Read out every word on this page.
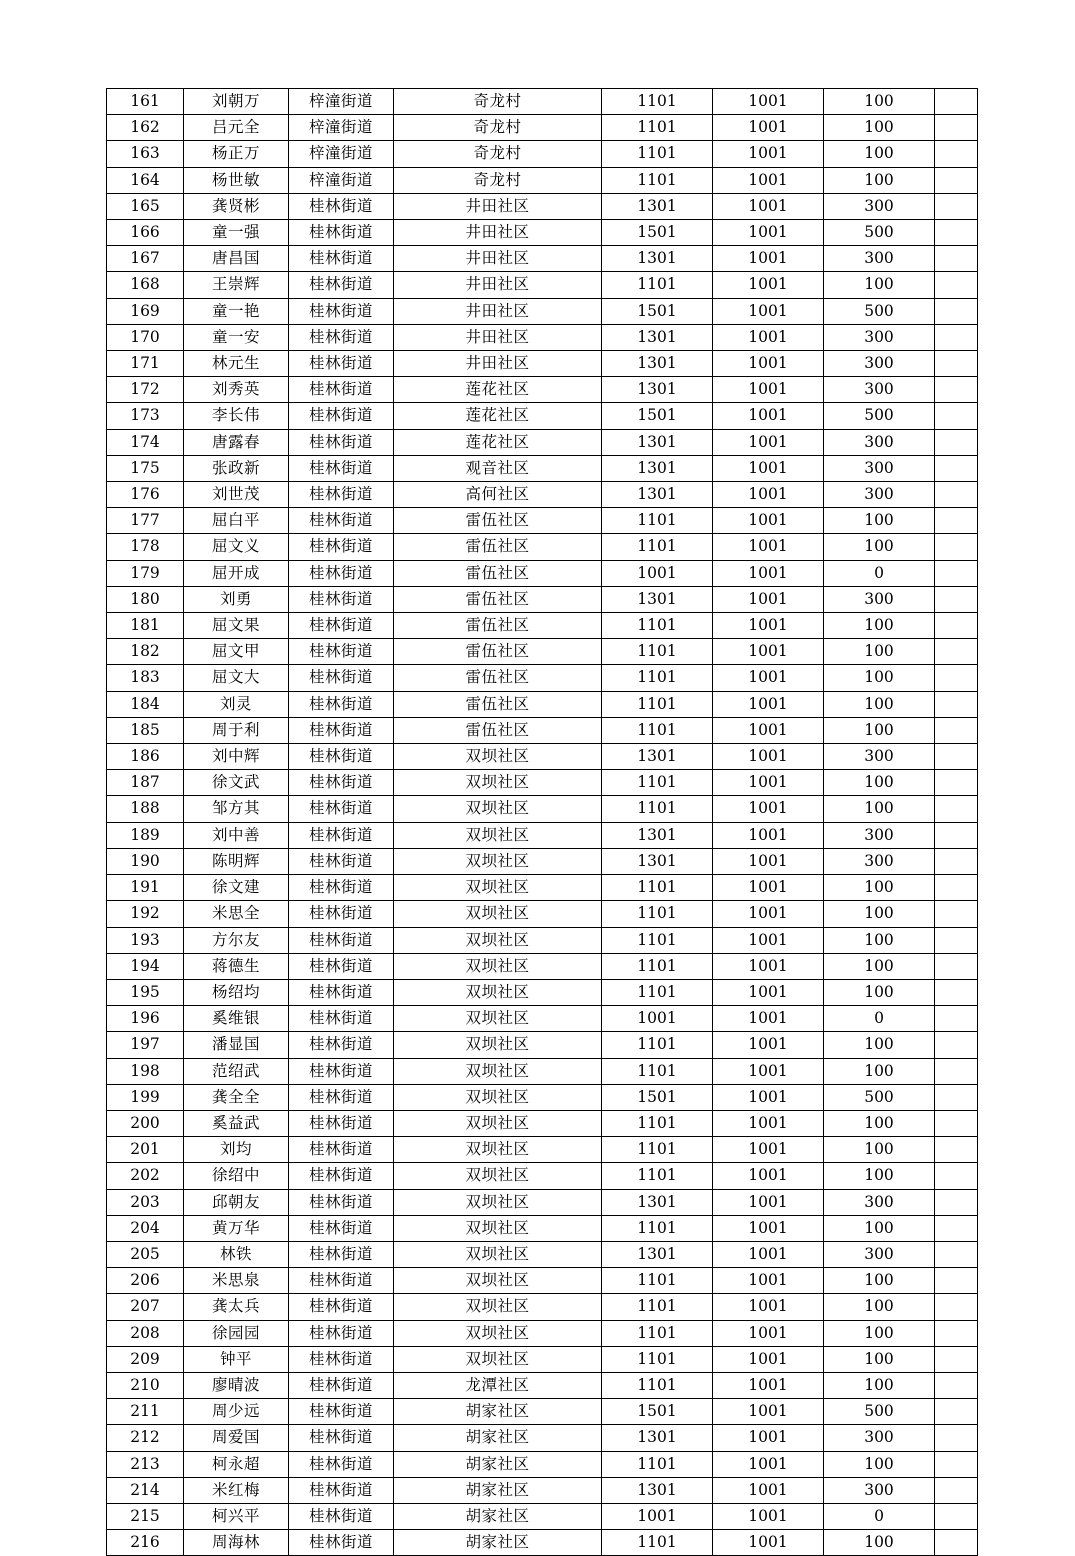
161	刘朝万	梓潼街道	奇龙村	1101	1001	100	
162	吕元全	梓潼街道	奇龙村	1101	1001	100	
163	杨正万	梓潼街道	奇龙村	1101	1001	100	
164	杨世敏	梓潼街道	奇龙村	1101	1001	100	
165	龚贤彬	桂林街道	井田社区	1301	1001	300	
166	童一强	桂林街道	井田社区	1501	1001	500	
167	唐昌国	桂林街道	井田社区	1301	1001	300	
168	王崇辉	桂林街道	井田社区	1101	1001	100	
169	童一艳	桂林街道	井田社区	1501	1001	500	
170	童一安	桂林街道	井田社区	1301	1001	300	
171	林元生	桂林街道	井田社区	1301	1001	300	
172	刘秀英	桂林街道	莲花社区	1301	1001	300	
173	李长伟	桂林街道	莲花社区	1501	1001	500	
174	唐露春	桂林街道	莲花社区	1301	1001	300	
175	张政新	桂林街道	观音社区	1301	1001	300	
176	刘世茂	桂林街道	高何社区	1301	1001	300	
177	屈白平	桂林街道	雷伍社区	1101	1001	100	
178	屈文义	桂林街道	雷伍社区	1101	1001	100	
179	屈开成	桂林街道	雷伍社区	1001	1001	0	
180	刘勇	桂林街道	雷伍社区	1301	1001	300	
181	屈文果	桂林街道	雷伍社区	1101	1001	100	
182	屈文甲	桂林街道	雷伍社区	1101	1001	100	
183	屈文大	桂林街道	雷伍社区	1101	1001	100	
184	刘灵	桂林街道	雷伍社区	1101	1001	100	
185	周于利	桂林街道	雷伍社区	1101	1001	100	
186	刘中辉	桂林街道	双坝社区	1301	1001	300	
187	徐文武	桂林街道	双坝社区	1101	1001	100	
188	邹方其	桂林街道	双坝社区	1101	1001	100	
189	刘中善	桂林街道	双坝社区	1301	1001	300	
190	陈明辉	桂林街道	双坝社区	1301	1001	300	
191	徐文建	桂林街道	双坝社区	1101	1001	100	
192	米思全	桂林街道	双坝社区	1101	1001	100	
193	方尔友	桂林街道	双坝社区	1101	1001	100	
194	蒋德生	桂林街道	双坝社区	1101	1001	100	
195	杨绍均	桂林街道	双坝社区	1101	1001	100	
196	奚维银	桂林街道	双坝社区	1001	1001	0	
197	潘显国	桂林街道	双坝社区	1101	1001	100	
198	范绍武	桂林街道	双坝社区	1101	1001	100	
199	龚全全	桂林街道	双坝社区	1501	1001	500	
200	奚益武	桂林街道	双坝社区	1101	1001	100	
201	刘均	桂林街道	双坝社区	1101	1001	100	
202	徐绍中	桂林街道	双坝社区	1101	1001	100	
203	邱朝友	桂林街道	双坝社区	1301	1001	300	
204	黄万华	桂林街道	双坝社区	1101	1001	100	
205	林铁	桂林街道	双坝社区	1301	1001	300	
206	米思泉	桂林街道	双坝社区	1101	1001	100	
207	龚太兵	桂林街道	双坝社区	1101	1001	100	
208	徐园园	桂林街道	双坝社区	1101	1001	100	
209	钟平	桂林街道	双坝社区	1101	1001	100	
210	廖晴波	桂林街道	龙潭社区	1101	1001	100	
211	周少远	桂林街道	胡家社区	1501	1001	500	
212	周爱国	桂林街道	胡家社区	1301	1001	300	
213	柯永超	桂林街道	胡家社区	1101	1001	100	
214	米红梅	桂林街道	胡家社区	1301	1001	300	
215	柯兴平	桂林街道	胡家社区	1001	1001	0	
216	周海林	桂林街道	胡家社区	1101	1001	100	
